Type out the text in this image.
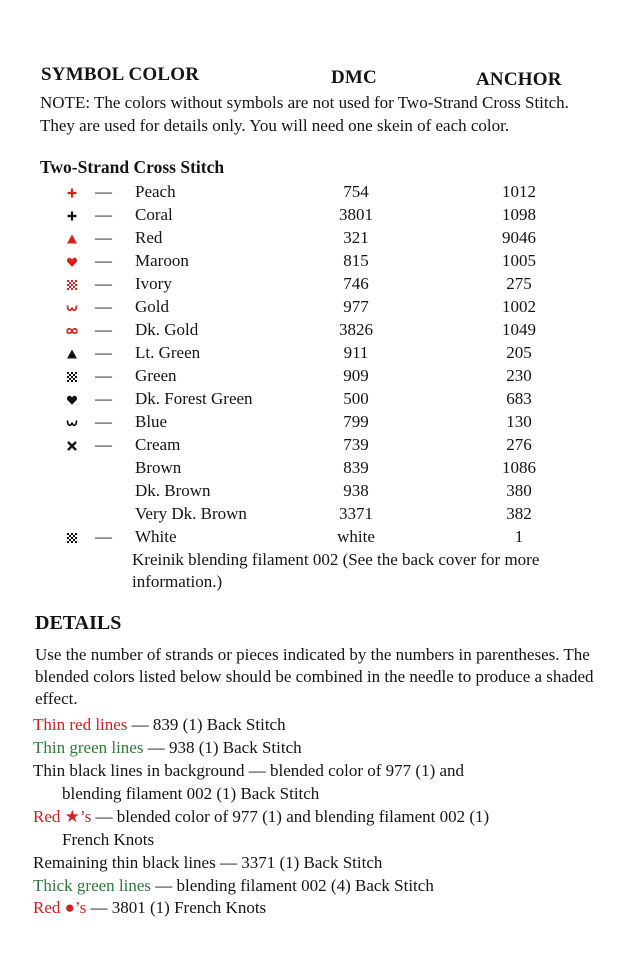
SYMBOL COLOR	DMC	ANCHOR
NOTE: The colors without symbols are not used for Two-Strand Cross Stitch. They are used for details only. You will need one skein of each color.
Two-Strand Cross Stitch
— Peach	754	1012
— Coral	3801	1098
— Red	321	9046
— Maroon	815	1005
— Ivory	746	275
— Gold	977	1002
— Dk. Gold	3826	1049
— Lt. Green	911	205
— Green	909	230
— Dk. Forest Green	500	683
— Blue	799	130
— Cream	739	276
Brown	839	1086
Dk. Brown	938	380
Very Dk. Brown	3371	382
— White	white	1
Kreinik blending filament 002 (See the back cover for more information.)
DETAILS
Use the number of strands or pieces indicated by the numbers in parentheses. The blended colors listed below should be combined in the needle to produce a shaded effect.
Thin red lines — 839 (1) Back Stitch
Thin green lines — 938 (1) Back Stitch
Thin black lines in background — blended color of 977 (1) and
blending filament 002 (1) Back Stitch
Red ★’s — blended color of 977 (1) and blending filament 002 (1)
French Knots
Remaining thin black lines — 3371 (1) Back Stitch
Thick green lines — blending filament 002 (4) Back Stitch
Red ●’s — 3801 (1) French Knots
